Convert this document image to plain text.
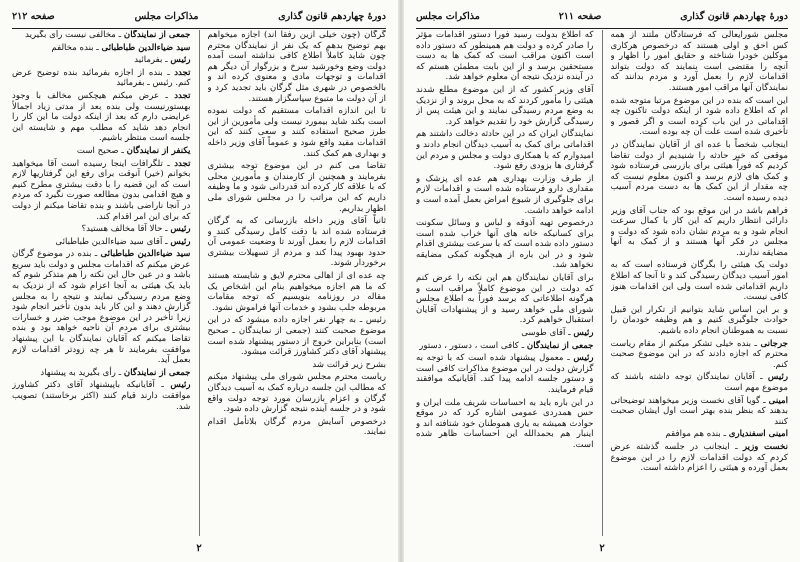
دورهٔ چهاردهم قانون گذاری
مذاکرات مجلس
صفحه ۲۱۲

گرگان (چون خیلی ازین رفقا اند) اجازه میخواهم بهم توضیح بدهم که یک نفر از نمایندگان محترم چون شاید کاملاً اطلاع کافی نداشته است آمده دولت وضع وخورشید سرخ و بزرگوار آن دیگر هم اقدامات و توجهات مادی و معنوی کرده اند و بالخصوص در شهری مثل گرگان باید تجدید کرد و از آن دولت ما متبوع سپاسگزار هستند.

تا این اندازه اقدامات مستقیم که دولت نموده است بکند شاید بیمورد نیست ولی مأمورین از این طرز صحیح استفاده کنند و سعی کنند که این اقدامات مفید واقع شود و عموماً آقای وزیر داخله و بهداری هم کمک کنند.

تقاضا می کنم در این موضوع توجه بیشتری بفرمایند و همچنین از کارمندان و مأمورین محلی که با علاقه کار کرده اند قدردانی شود و ما وظیفه داریم که این مراتب را در مجلس شورای ملی اظهار بداریم.

ثانیاً آقای وزیر داخله بازرسانی که به گرگان فرستاده شده اند با دقت کامل رسیدگی کنند و اقدامات لازم را بعمل آورند تا وضعیت عمومی آن حدود بهبود پیدا کند و مردم از تسهیلات بیشتری برخوردار شوند.

چه عده ای از اهالی محترم لایق و شایسته هستند که ما هم اجازه میخواهیم بنام این اشخاص یک مقاله در روزنامه بنویسیم که توجه مقامات مربوطه جلب بشود و خدمات آنها فراموش نشود.

رئیس ـ به چهار نفر اجازه داده میشود که در این موضوع صحبت کنند (جمعی از نمایندگان ـ صحیح است) بنابراین خروج از دستور پیشنهاد شده است پیشنهاد آقای دکتر کشاورز قرائت میشود.

بشرح زیر قرائت شد

ریاست محترم مجلس شورای ملی پیشنهاد میکنم که مطالب این جلسه درباره کمک به آسیب دیدگان گرگان و اعزام بازرسان مورد توجه دولت واقع شود و در جلسه آینده نتیجه گزارش داده شود.

درخصوص آسایش مردم گرگان بلاتأمل اقدام نمایند.

جمعی از نمایندگان ـ مخالفی نیست رأی بگیرید

سید ضیاءالدین طباطبائی ـ بنده مخالفم

رئیس ـ بفرمائید

تجدد ـ بنده از اجازه بفرمائید بنده توضیح عرض کنم. رئیس ـ بفرمائید

تجدد ـ عرض میکنم هیچکس مخالف با وجود بهستورنیست ولی بنده بعد از مدتی زیاد اجمالاً عرایضی دارم که بعد از اینکه دولت ما این کار را انجام دهد شاید که مطلب مهم و شایسته این جلسه است منتظر باشیم.

یکنفر از نمایندگان ـ صحیح است

تجدد ـ تلگرافات اینجا رسیده است آقا میخواهید بخوانم (خیر) آنوقت برای رفع این گرفتاریها لازم است که این قضیه را با دقت بیشتری مطرح کنیم و هیچ اقدامی بدون مطالعه صورت نگیرد که مردم در آنجا ناراضی باشند و بنده تقاضا میکنم از دولت که برای این امر اقدام کند.

رئیس ـ حالا آقا مخالف هستید؟

رئیس ـ آقای سید ضیاءالدین طباطبائی

سید ضیاءالدین طباطبائی ـ بنده در موضوع گرگان عرض میکنم که اقدامات مجلس و دولت باید سریع باشد و در عین حال این نکته را هم متذکر شوم که باید یک هیئتی به آنجا اعزام شود که از نزدیک به وضع مردم رسیدگی نمایند و نتیجه را به مجلس گزارش دهند و این کار باید بدون تأخیر انجام شود زیرا تأخیر در این موضوع موجب ضرر و خسارات بیشتری برای مردم آن ناحیه خواهد بود و بنده تقاضا میکنم که آقایان نمایندگان با این پیشنهاد موافقت بفرمایند تا هر چه زودتر اقدامات لازم بعمل آید.

جمعی از نمایندگان ـ رأی بگیرید به پیشنهاد

رئیس ـ آقایانیکه باپیشنهاد آقای دکتر کشاورز موافقت دارند قیام کنند (اکثر برخاستند) تصویب شد.

۲
دورهٔ چهاردهم قانون گذاری
صفحه ۲۱۱
مذاکرات مجلس

مجلس شورایعالی که فرستادگان ملتند از همه کس احق و اولی هستند که درخصوص هرکاری موکلین خودرا شناخته و حقایق امور را اظهار و آنچه را مقتضی است بنمایند که دولت بتواند اقدامات لازم را بعمل آورد و مردم بدانند که نمایندگان آنها مراقب امور هستند.

این است که بنده در این موضوع مرتبا متوجه شده ام که اطلاع داده شود از اینکه دولت تاکنون چه اقداماتی در این باب کرده است و اگر قصور و تأخیری شده است علت آن چه بوده است.

اینجانب شخصاً با عده ای از آقایان نمایندگان در موقعی که خبر حادثه را شنیدیم از دولت تقاضا کردیم که فوراً هیئتی برای بازرسی فرستاده شود و کمک های لازم برسد و اکنون معلوم نیست که چه مقدار از این کمک ها به دست مردم آسیب دیده رسیده است.

فراهم باشد در این موقع بود که جناب آقای وزیر دارائی انتظار داریم که این کار با کمال سرعت انجام شود و به مردم نشان داده شود که دولت و مجلس در فکر آنها هستند و از کمک به آنها مضایقه ندارند.

دولت یک هیئتی را بگرگان فرستاده است که به امور آسیب دیدگان رسیدگی کند و تا آنجا که اطلاع داریم اقداماتی شده است ولی این اقدامات هنوز کافی نیست.

و بر این اساس شاید بتوانیم از تکرار این قبیل حوادث جلوگیری کنیم و هم وظیفه خودمان را نسبت به هموطنان انجام داده باشیم.

جرجانی ـ بنده خیلی تشکر میکنم از مقام ریاست محترم که اجازه دادند که در این موضوع صحبت کنم.

رئیس ـ آقایان نمایندگان توجه داشته باشند که موضوع مهم است

امینی ـ گویا آقای نخست وزیر میخواهند توضیحاتی بدهند که بنظر بنده بهتر است اول ایشان صحبت کنند

امینی اسفندیاری ـ بنده هم موافقم

نخست وزیر ـ اینجانب در جلسه گذشته عرض کردم که دولت اقدامات لازم را در این موضوع بعمل آورده و هیئتی را اعزام داشته است.

که اطلاع بدولت رسید فوراً دستور اقدامات مؤثر را صادر کرده و دولت هم همینطور که دستور داده است اکنون مراقب است که کمک ها به دست مستحقین برسد و از این بابت مطمئن هستم که در آینده نزدیک نتیجه آن معلوم خواهد شد.

آقای وزیر کشور که از این موضوع مطلع شدند هیئتی را مأمور کردند که به محل بروند و از نزدیک به وضع مردم رسیدگی نمایند و این هیئت پس از رسیدگی گزارش خود را تقدیم خواهد کرد.

نمایندگان ایران که در این حادثه دخالت داشتند هم اقداماتی برای کمک به آسیب دیدگان انجام دادند و امیدوارم که با همکاری دولت و مجلس و مردم این گرفتاری ها بزودی رفع شود.

از طرف وزارت بهداری هم عده ای پزشک و مقداری دارو فرستاده شده است و اقدامات لازم برای جلوگیری از شیوع امراض بعمل آمده است و ادامه خواهد داشت.

درخصوص تهیه آذوقه و لباس و وسائل سکونت برای کسانیکه خانه های آنها خراب شده است دستور داده شده است که با سرعت بیشتری اقدام شود و در این باره از هیچگونه کمکی مضایقه نخواهد شد.

برای آقایان نمایندگان هم این نکته را عرض کنم که دولت در این موضوع کاملاً مراقب است و هرگونه اطلاعاتی که برسد فوراً به اطلاع مجلس شورای ملی خواهد رسید و از پیشنهادات آقایان استقبال خواهیم کرد.

رئیس ـ آقای طوسی

جمعی از نمایندگان ـ کافی است ، دستور ، دستور

رئیس ـ معمول پیشنهاد شده است که با توجه به گزارش دولت در این موضوع مذاکرات کافی است و دستور جلسه ادامه پیدا کند. آقایانیکه موافقند قیام فرمایند.

در این باره باید به احساسات شریف ملت ایران و حس همدردی عمومی اشاره کرد که در موقع حوادث همیشه به یاری هموطنان خود شتافته اند و اینبار هم بحمدالله این احساسات ظاهر شده است.

۲
